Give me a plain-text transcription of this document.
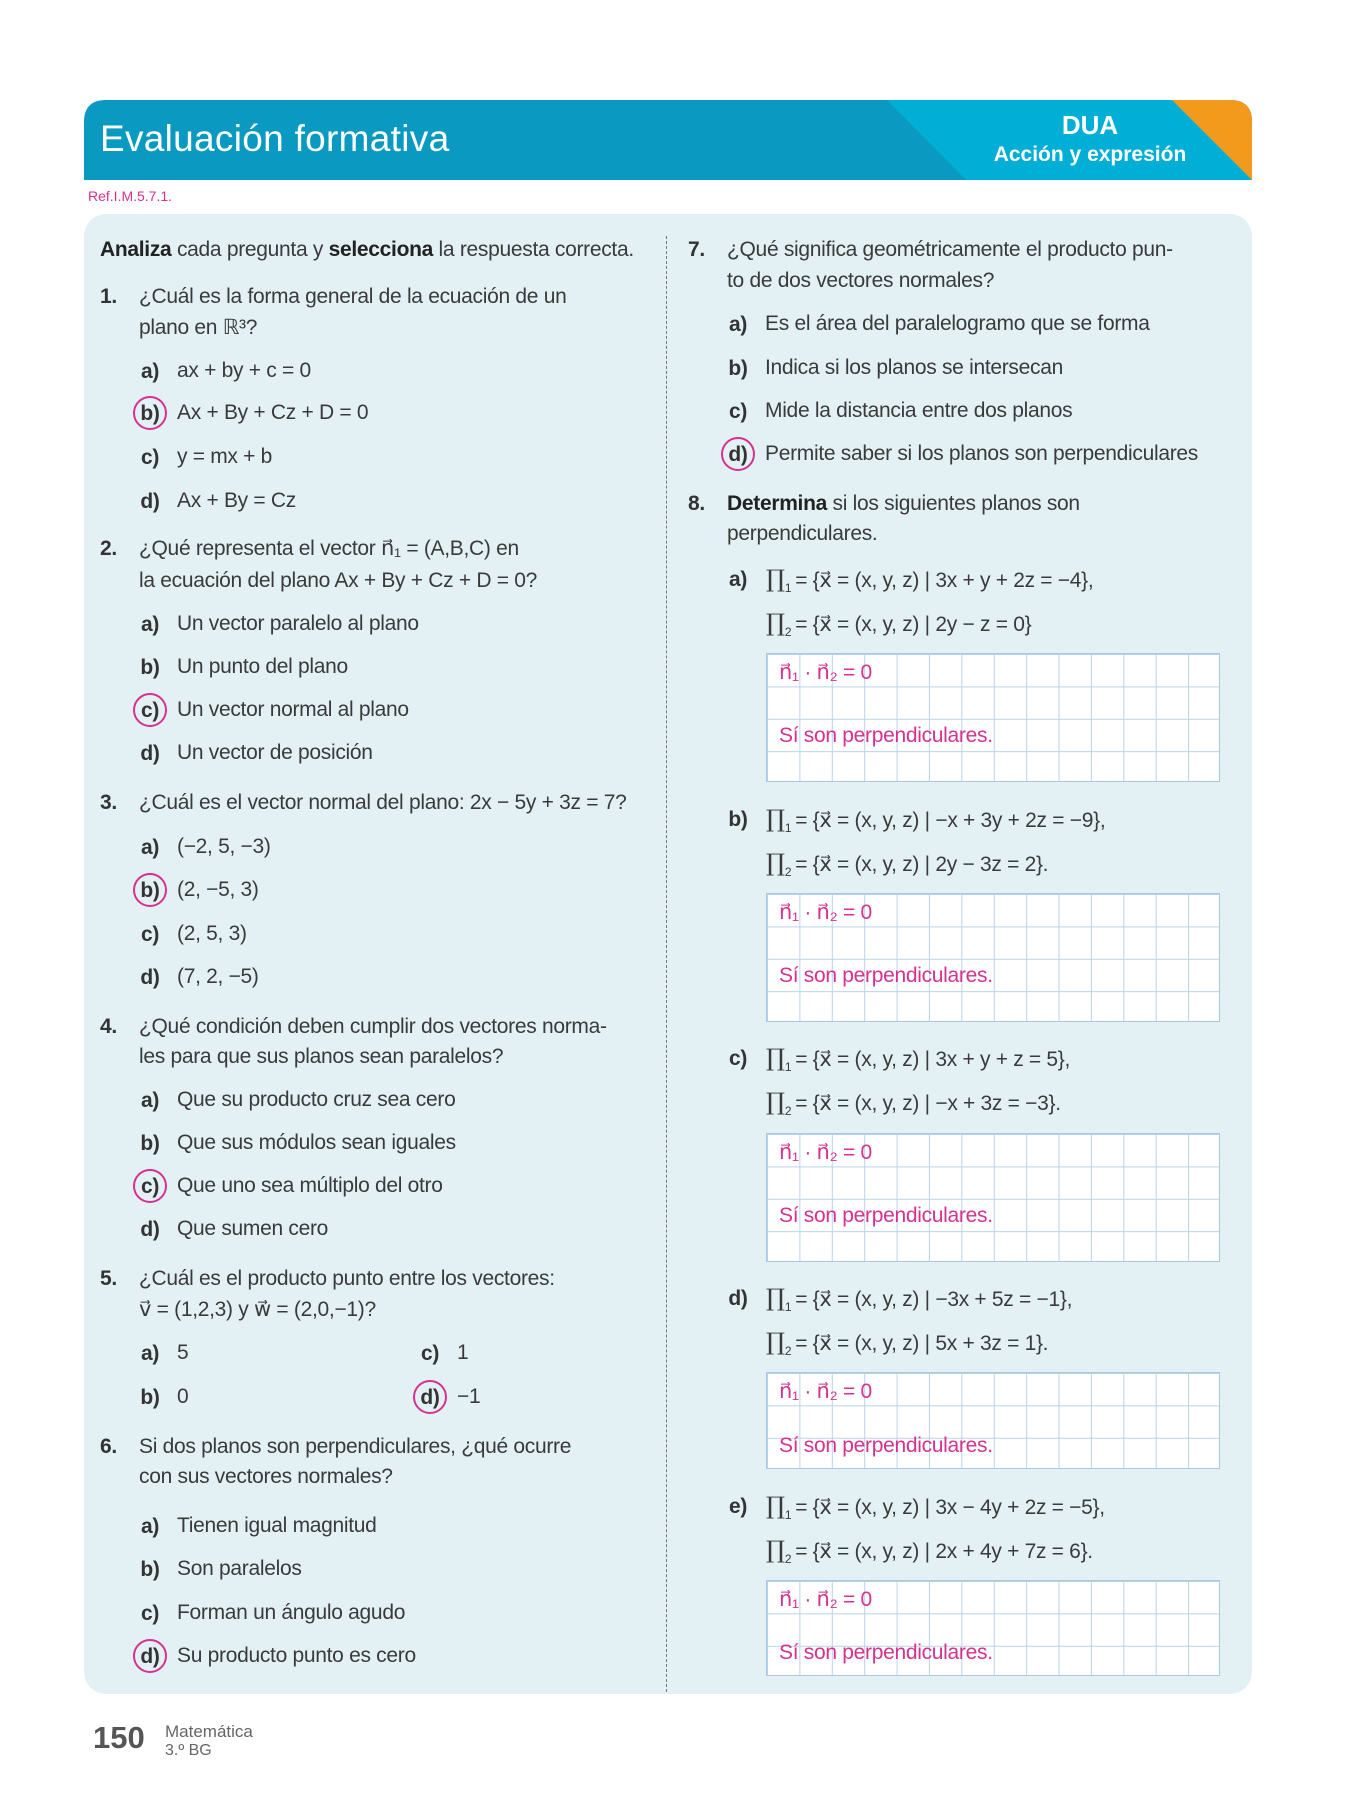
Evaluación formativa	DUA
Acción y expresión
Ref.I.M.5.7.1.
Analiza cada pregunta y selecciona la respuesta correcta.
1. ¿Cuál es la forma general de la ecuación de un
plano en ℝ³?
a) ax + by + c = 0
b) Ax + By + Cz + D = 0
c) y = mx + b
d) Ax + By = Cz
2. ¿Qué representa el vector n⃗₁ = (A,B,C) en
la ecuación del plano Ax + By + Cz + D = 0?
a) Un vector paralelo al plano
b) Un punto del plano
c) Un vector normal al plano
d) Un vector de posición
3. ¿Cuál es el vector normal del plano: 2x − 5y + 3z = 7?
a) (−2, 5, −3)
b) (2, −5, 3)
c) (2, 5, 3)
d) (7, 2, −5)
4. ¿Qué condición deben cumplir dos vectores norma-
les para que sus planos sean paralelos?
a) Que su producto cruz sea cero
b) Que sus módulos sean iguales
c) Que uno sea múltiplo del otro
d) Que sumen cero
5. ¿Cuál es el producto punto entre los vectores:
v⃗ = (1,2,3) y w⃗ = (2,0,−1)?
a) 5
b) 0
c) 1
d) −1
6. Si dos planos son perpendiculares, ¿qué ocurre
con sus vectores normales?
a) Tienen igual magnitud
b) Son paralelos
c) Forman un ángulo agudo
d) Su producto punto es cero
7. ¿Qué significa geométricamente el producto pun-
to de dos vectores normales?
a) Es el área del paralelogramo que se forma
b) Indica si los planos se intersecan
c) Mide la distancia entre dos planos
d) Permite saber si los planos son perpendiculares
8. Determina si los siguientes planos son
perpendiculares.
a) $\prod_1$ = {x⃗ = (x, y, z) | 3x + y + 2z = −4},
$\prod_2$ = {x⃗ = (x, y, z) | 2y − z = 0}
n⃗₁ · n⃗₂ = 0
Sí son perpendiculares.
b) $\prod_1$ = {x⃗ = (x, y, z) | −x + 3y + 2z = −9},
$\prod_2$ = {x⃗ = (x, y, z) | 2y − 3z = 2}.
n⃗₁ · n⃗₂ = 0
Sí son perpendiculares.
c) $\prod_1$ = {x⃗ = (x, y, z) | 3x + y + z = 5},
$\prod_2$ = {x⃗ = (x, y, z) | −x + 3z = −3}.
n⃗₁ · n⃗₂ = 0
Sí son perpendiculares.
d) $\prod_1$ = {x⃗ = (x, y, z) | −3x + 5z = −1},
$\prod_2$ = {x⃗ = (x, y, z) | 5x + 3z = 1}.
n⃗₁ · n⃗₂ = 0
Sí son perpendiculares.
e) $\prod_1$ = {x⃗ = (x, y, z) | 3x − 4y + 2z = −5},
$\prod_2$ = {x⃗ = (x, y, z) | 2x + 4y + 7z = 6}.
n⃗₁ · n⃗₂ = 0
Sí son perpendiculares.
150 Matemática
3.º BG
